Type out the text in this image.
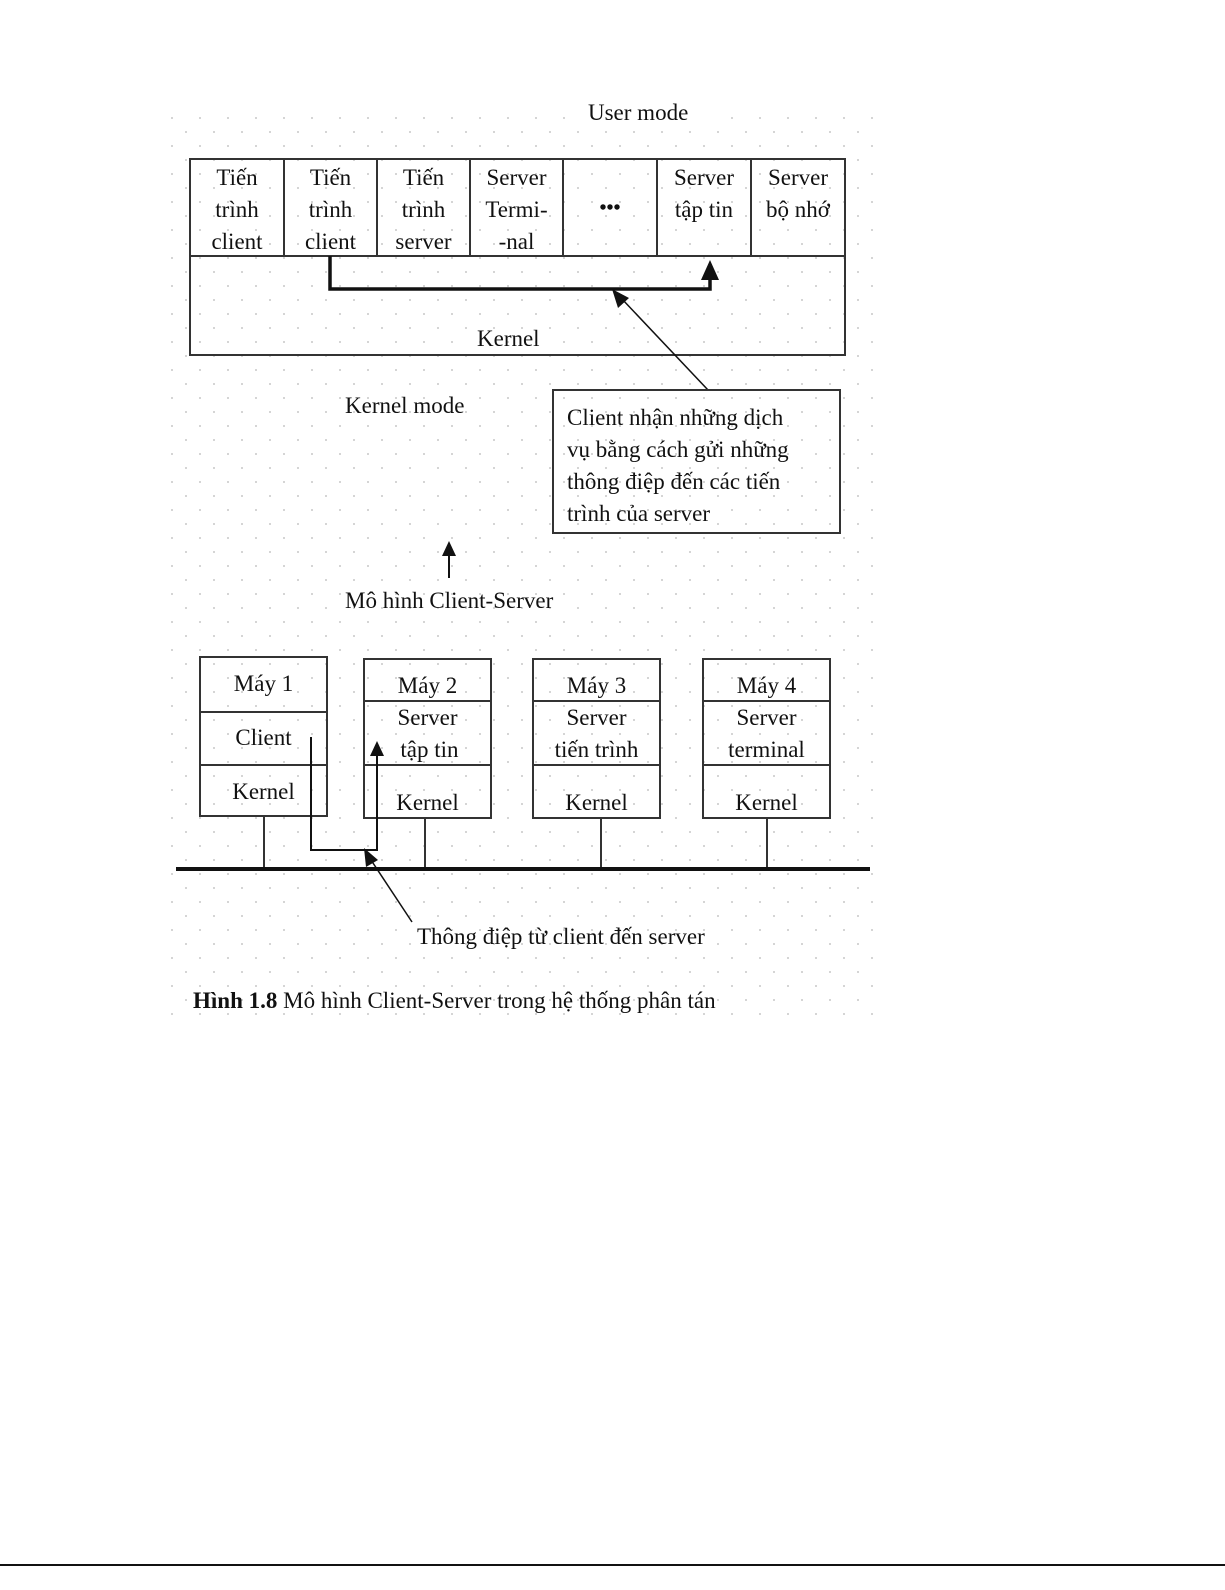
User mode
Tiến
trình
client
Tiến
trình
client
Tiến
trình
server
Server
Termi-
-nal
•••
Server
tập tin
Server
bộ nhớ
Kernel
Kernel mode	Client nhận những dịch
vụ bằng cách gửi những
thông điệp đến các tiến
trình của server
Mô hình Client-Server
Máy 1
Client
Kernel
Máy 2
Server
tập tin
Kernel
Máy 3
Server
tiến trình
Kernel
Máy 4
Server
terminal
Kernel
Thông điệp từ client đến server
Hình 1.8 Mô hình Client-Server trong hệ thống phân tán
